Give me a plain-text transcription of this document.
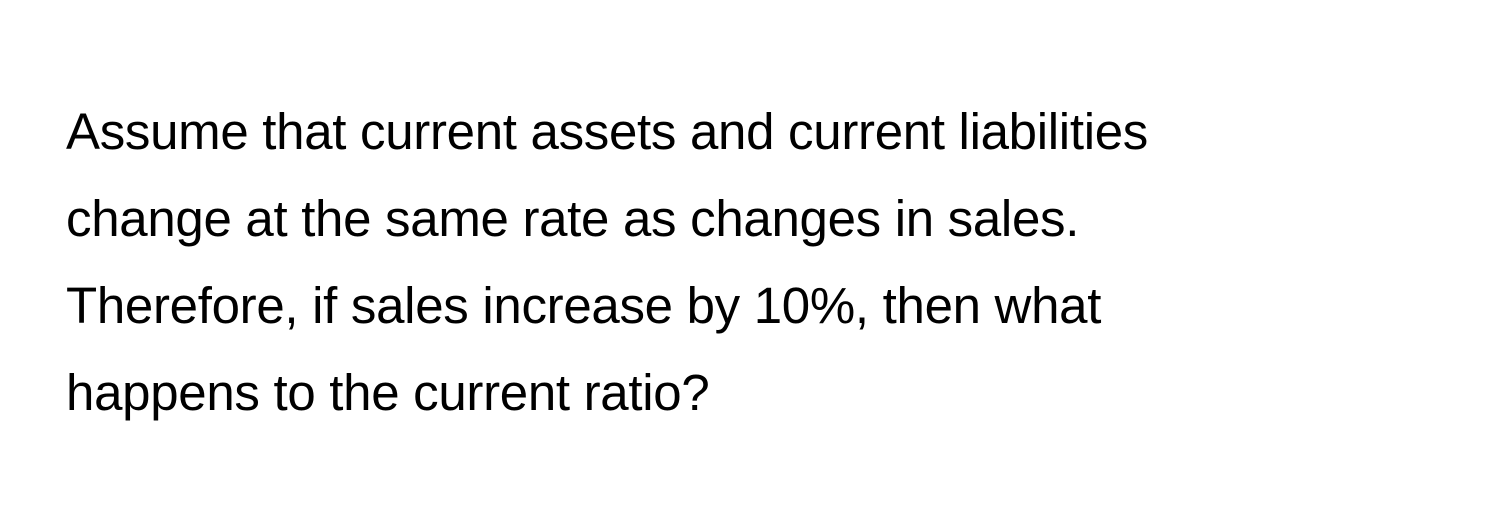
Assume that current assets and current liabilities
change at the same rate as changes in sales.
Therefore, if sales increase by 10%, then what
happens to the current ratio?
